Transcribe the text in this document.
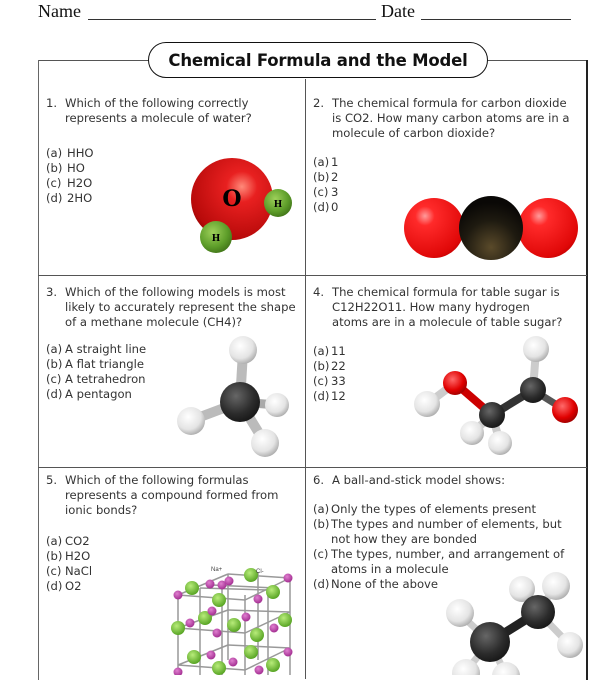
Name	Date
Chemical Formula and the Model
1. Which of the following correctly represents a molecule of water?
(a) HHO
(b) HO
(c) H2O
(d) 2HO
2. The chemical formula for carbon dioxide is CO2. How many carbon atoms are in a molecule of carbon dioxide?
(a) 1
(b) 2
(c) 3
(d) 0
3. Which of the following models is most likely to accurately represent the shape of a methane molecule (CH4)?
(a) A straight line
(b) A flat triangle
(c) A tetrahedron
(d) A pentagon
4. The chemical formula for table sugar is C12H22O11. How many hydrogen atoms are in a molecule of table sugar?
(a) 11
(b) 22
(c) 33
(d) 12
5. Which of the following formulas represents a compound formed from ionic bonds?
(a) CO2
(b) H2O
(c) NaCl
(d) O2
6. A ball-and-stick model shows:
(a) Only the types of elements present
(b) The types and number of elements, but not how they are bonded
(c) The types, number, and arrangement of atoms in a molecule
(d) None of the above
O	H
H
Na+	Cl-
